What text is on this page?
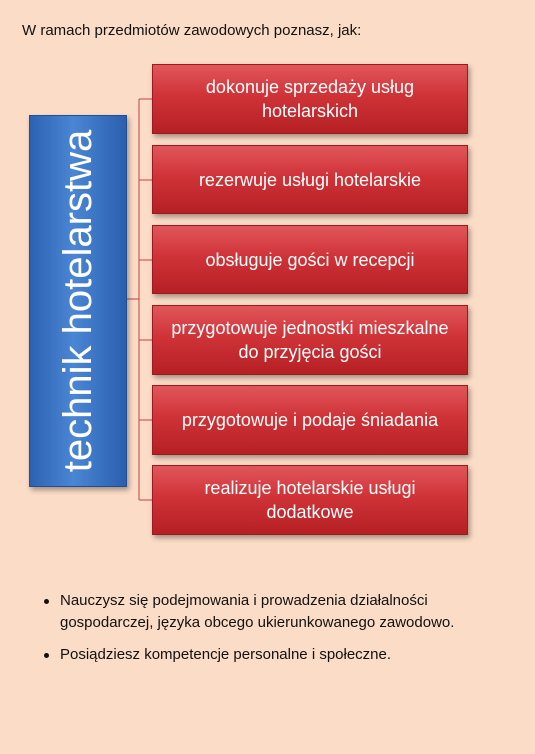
W ramach przedmiotów zawodowych poznasz, jak:
technik hotelarstwa
dokonuje sprzedaży usług hotelarskich
rezerwuje usługi hotelarskie
obsługuje gości w recepcji
przygotowuje jednostki mieszkalne do przyjęcia gości
przygotowuje i podaje śniadania
realizuje hotelarskie usługi dodatkowe
Nauczysz się podejmowania i prowadzenia działalności gospodarczej, języka obcego ukierunkowanego zawodowo.
Posiądziesz kompetencje personalne i społeczne.
